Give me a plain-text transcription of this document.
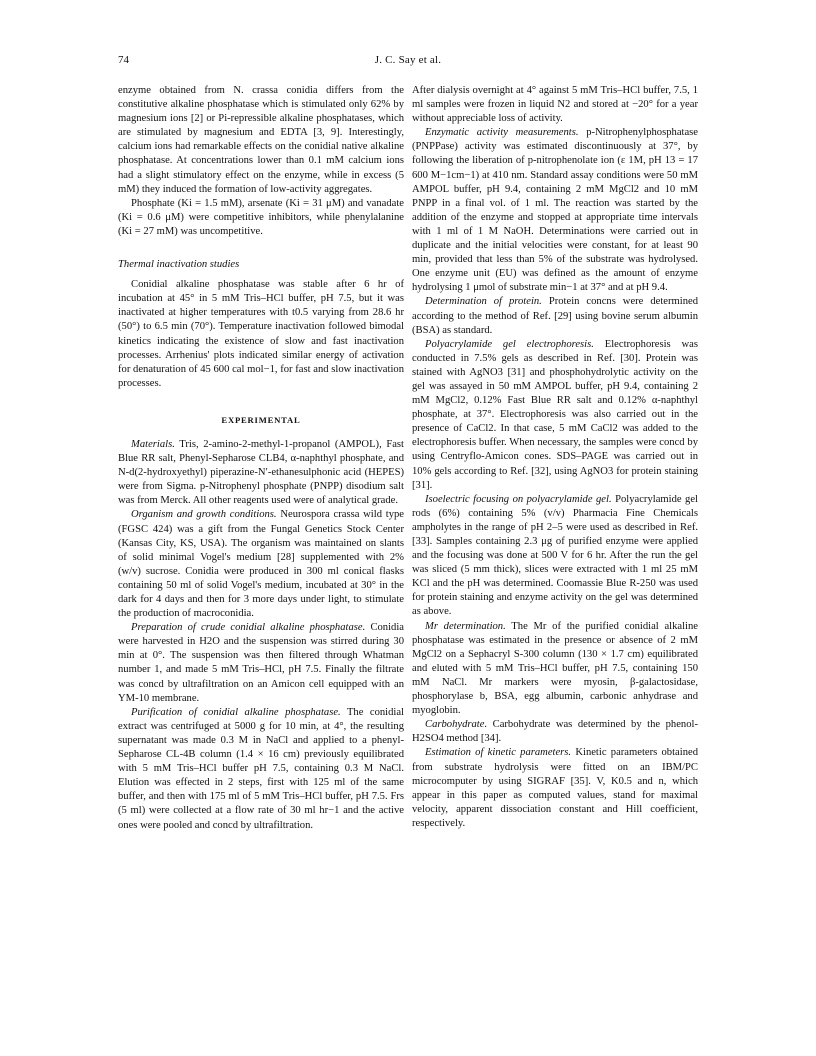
74	J. C. Say et al.

enzyme obtained from N. crassa conidia differs from the constitutive alkaline phosphatase which is stimulated only 62% by magnesium ions [2] or Pi-repressible alkaline phosphatases, which are stimulated by magnesium and EDTA [3, 9]. Interestingly, calcium ions had remarkable effects on the conidial native alkaline phosphatase. At concentrations lower than 0.1 mM calcium ions had a slight stimulatory effect on the enzyme, while in excess (5 mM) they induced the formation of low-activity aggregates.

Phosphate (Ki = 1.5 mM), arsenate (Ki = 31 μM) and vanadate (Ki = 0.6 μM) were competitive inhibitors, while phenylalanine (Ki = 27 mM) was uncompetitive.

Thermal inactivation studies

Conidial alkaline phosphatase was stable after 6 hr of incubation at 45° in 5 mM Tris–HCl buffer, pH 7.5, but it was inactivated at higher temperatures with t0.5 varying from 28.6 hr (50°) to 6.5 min (70°). Temperature inactivation followed bimodal kinetics indicating the existence of slow and fast inactivation processes. Arrhenius' plots indicated similar energy of activation for denaturation of 45 600 cal mol−1, for fast and slow inactivation processes.

EXPERIMENTAL

Materials. Tris, 2-amino-2-methyl-1-propanol (AMPOL), Fast Blue RR salt, Phenyl-Sepharose CLB4, α-naphthyl phosphate, and N-d(2-hydroxyethyl) piperazine-N′-ethanesulphonic acid (HEPES) were from Sigma. p-Nitrophenyl phosphate (PNPP) disodium salt was from Merck. All other reagents used were of analytical grade.

Organism and growth conditions. Neurospora crassa wild type (FGSC 424) was a gift from the Fungal Genetics Stock Center (Kansas City, KS, USA). The organism was maintained on slants of solid minimal Vogel's medium [28] supplemented with 2% (w/v) sucrose. Conidia were produced in 300 ml conical flasks containing 50 ml of solid Vogel's medium, incubated at 30° in the dark for 4 days and then for 3 more days under light, to stimulate the production of macroconidia.

Preparation of crude conidial alkaline phosphatase. Conidia were harvested in H2O and the suspension was stirred during 30 min at 0°. The suspension was then filtered through Whatman number 1, and made 5 mM Tris–HCl, pH 7.5. Finally the filtrate was concd by ultrafiltration on an Amicon cell equipped with an YM-10 membrane.

Purification of conidial alkaline phosphatase. The conidial extract was centrifuged at 5000 g for 10 min, at 4°, the resulting supernatant was made 0.3 M in NaCl and applied to a phenyl-Sepharose CL-4B column (1.4 × 16 cm) previously equilibrated with 5 mM Tris–HCl buffer pH 7.5, containing 0.3 M NaCl. Elution was effected in 2 steps, first with 125 ml of the same buffer, and then with 175 ml of 5 mM Tris–HCl buffer, pH 7.5. Frs (5 ml) were collected at a flow rate of 30 ml hr−1 and the active ones were pooled and concd by ultrafiltration.

After dialysis overnight at 4° against 5 mM Tris–HCl buffer, 7.5, 1 ml samples were frozen in liquid N2 and stored at −20° for a year without appreciable loss of activity.

Enzymatic activity measurements. p-Nitrophenylphosphatase (PNPPase) activity was estimated discontinuously at 37°, by following the liberation of p-nitrophenolate ion (ε 1M, pH 13 = 17 600 M−1cm−1) at 410 nm. Standard assay conditions were 50 mM AMPOL buffer, pH 9.4, containing 2 mM MgCl2 and 10 mM PNPP in a final vol. of 1 ml. The reaction was started by the addition of the enzyme and stopped at appropriate time intervals with 1 ml of 1 M NaOH. Determinations were carried out in duplicate and the initial velocities were constant, for at least 90 min, provided that less than 5% of the substrate was hydrolysed. One enzyme unit (EU) was defined as the amount of enzyme hydrolysing 1 μmol of substrate min−1 at 37° and at pH 9.4.

Determination of protein. Protein concns were determined according to the method of Ref. [29] using bovine serum albumin (BSA) as standard.

Polyacrylamide gel electrophoresis. Electrophoresis was conducted in 7.5% gels as described in Ref. [30]. Protein was stained with AgNO3 [31] and phosphohydrolytic activity on the gel was assayed in 50 mM AMPOL buffer, pH 9.4, containing 2 mM MgCl2, 0.12% Fast Blue RR salt and 0.12% α-naphthyl phosphate, at 37°. Electrophoresis was also carried out in the presence of CaCl2. In that case, 5 mM CaCl2 was added to the electrophoresis buffer. When necessary, the samples were concd by using Centryflo-Amicon cones. SDS–PAGE was carried out in 10% gels according to Ref. [32], using AgNO3 for protein staining [31].

Isoelectric focusing on polyacrylamide gel. Polyacrylamide gel rods (6%) containing 5% (v/v) Pharmacia Fine Chemicals ampholytes in the range of pH 2–5 were used as described in Ref. [33]. Samples containing 2.3 μg of purified enzyme were applied and the focusing was done at 500 V for 6 hr. After the run the gel was sliced (5 mm thick), slices were extracted with 1 ml 25 mM KCl and the pH was determined. Coomassie Blue R-250 was used for protein staining and enzyme activity on the gel was determined as above.

Mr determination. The Mr of the purified conidial alkaline phosphatase was estimated in the presence or absence of 2 mM MgCl2 on a Sephacryl S-300 column (130 × 1.7 cm) equilibrated and eluted with 5 mM Tris–HCl buffer, pH 7.5, containing 150 mM NaCl. Mr markers were myosin, β-galactosidase, phosphorylase b, BSA, egg albumin, carbonic anhydrase and myoglobin.

Carbohydrate. Carbohydrate was determined by the phenol-H2SO4 method [34].

Estimation of kinetic parameters. Kinetic parameters obtained from substrate hydrolysis were fitted on an IBM/PC microcomputer by using SIGRAF [35]. V, K0.5 and n, which appear in this paper as computed values, stand for maximal velocity, apparent dissociation constant and Hill coefficient, respectively.
